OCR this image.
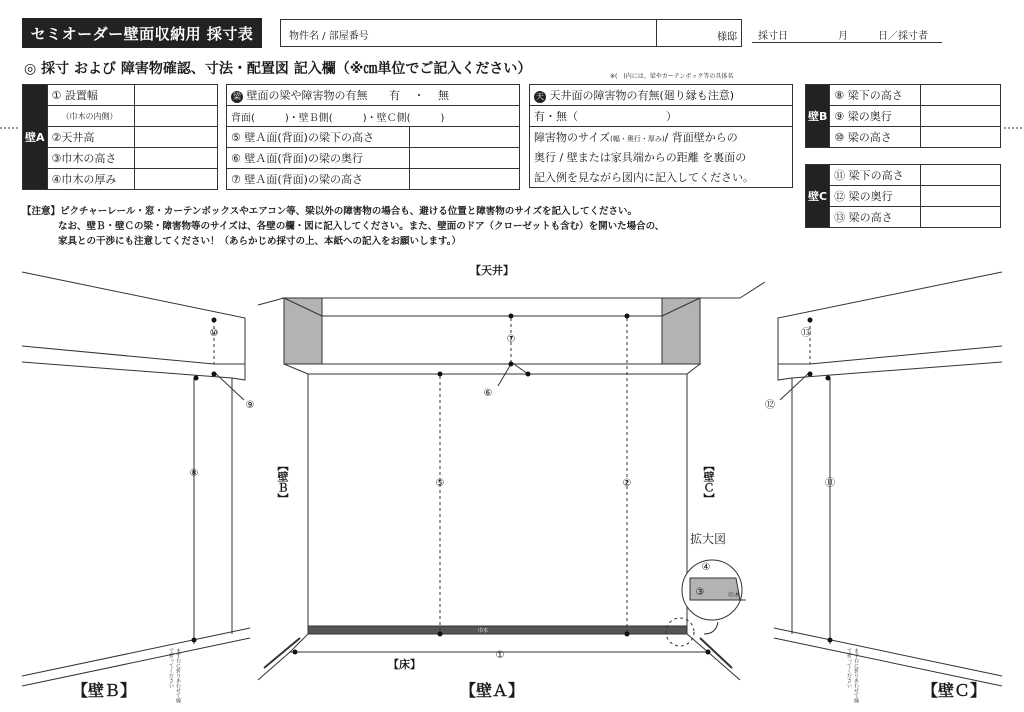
セミオーダー壁面収納用 採寸表	物件名 / 部屋番号	様邸 採寸日	月	日／採寸者
◎ 採寸 および 障害物確認、寸法・配置図 記入欄（※㎝単位でご記入ください）	※(　)内には、梁やカーテンボック等の具体名
壁A	① 設置幅	
	（巾木の内側）	
	②天井高	
	③巾木の高さ	
	④巾木の厚み	
梁 壁面の梁や障害物の有無 有 ・ 無	
背面(　　　)・壁Ｂ側(　　　)・壁Ｃ側(　　　)	
⑤ 壁Ａ面(背面)の梁下の高さ	
⑥ 壁Ａ面(背面)の梁の奥行	
⑦ 壁Ａ面(背面)の梁の高さ	
天 天井面の障害物の有無(廻り縁も注意)
有・無（	）
障害物のサイズ(幅・奥行・厚み)/ 背面壁からの
奥行 / 壁または家具端からの距離 を裏面の
記入例を見ながら図内に記入してください。
壁B	⑧ 梁下の高さ	
	⑨ 梁の奥行	
	⑩ 梁の高さ	
壁C	⑪ 梁下の高さ	
	⑫ 梁の奥行	
	⑬ 梁の高さ	
【注意】ピクチャーレール・窓・カーテンボックスやエアコン等、梁以外の障害物の場合も、避ける位置と障害物のサイズを記入してください。
なお、壁Ｂ・壁Ｃの梁・障害物等のサイズは、各壁の欄・図に記入してください。また、壁面のドア（クローゼットも含む）を開いた場合の、
家具との干渉にも注意してください！（あらかじめ採寸の上、本紙への記入をお願いします。）
⑩
⑨
⑧
⑦
⑥
⑤	②
①
⑬
⑫
⑪
④
③	巾木
巾木
【天井】
【床】
【壁Ａ】
【壁Ｂ】	【壁Ｃ】
【壁Ｂ】	【壁Ｃ】
拡大図
まず右に折りあわせて線で折ってください	まず右に折りあわせて線で折ってください
